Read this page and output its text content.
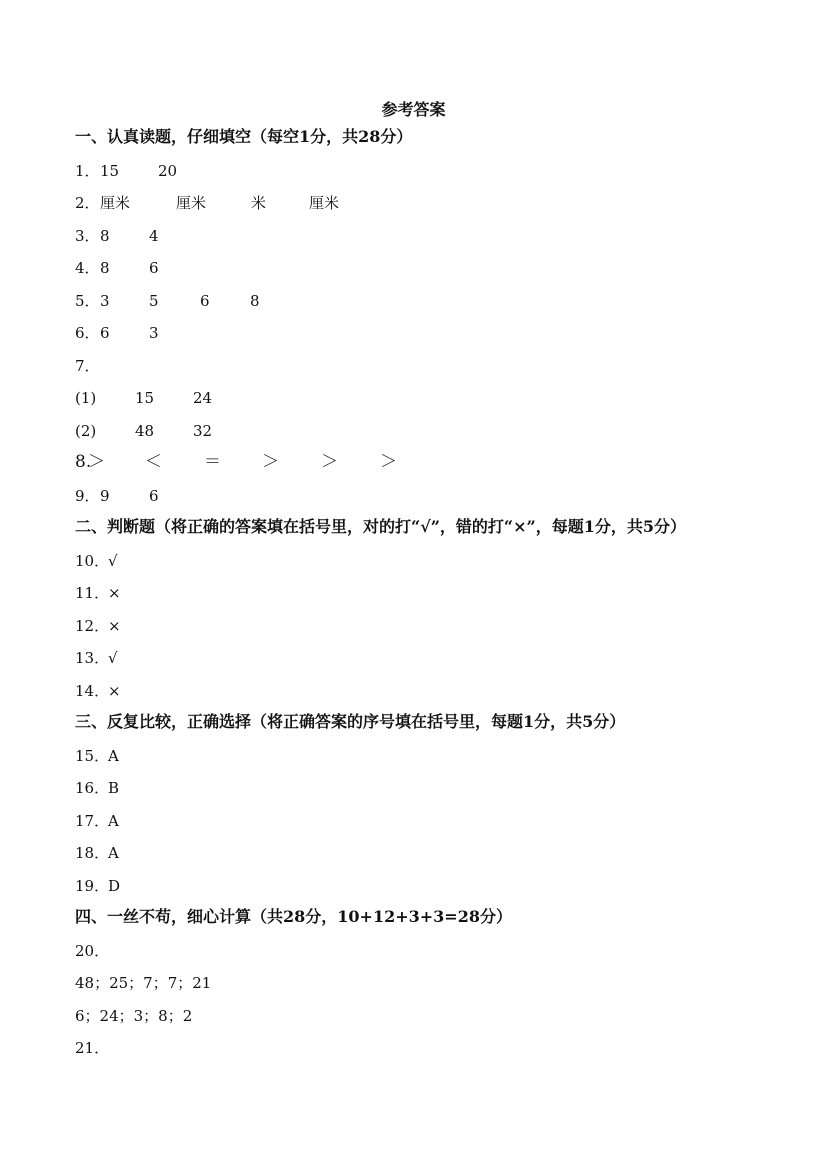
参考答案
一、认真读题，仔细填空（每空1分，共28分）
1． 15	20
2． 厘米	厘米	米	厘米
3． 8	4
4． 8	6
5． 3	5	6	8
6． 6	3
7．
(1)	15	24
(2)	48	32
8.
＞ ＜ ＝ ＞ ＞ ＞
9． 9	6
二、判断题（将正确的答案填在括号里，对的打“√”，错的打“×”，每题1分，共5分）
10．
√
11．
×
12．
×
13．
√
14．
×
三、反复比较，正确选择（将正确答案的序号填在括号里，每题1分，共5分）
15．
A
16．
B
17．
A
18．
A
19．
D
四、一丝不苟，细心计算（共28分，10+12+3+3=28分）
20．
48；25；7；7；21
6；24；3；8；2
21．
